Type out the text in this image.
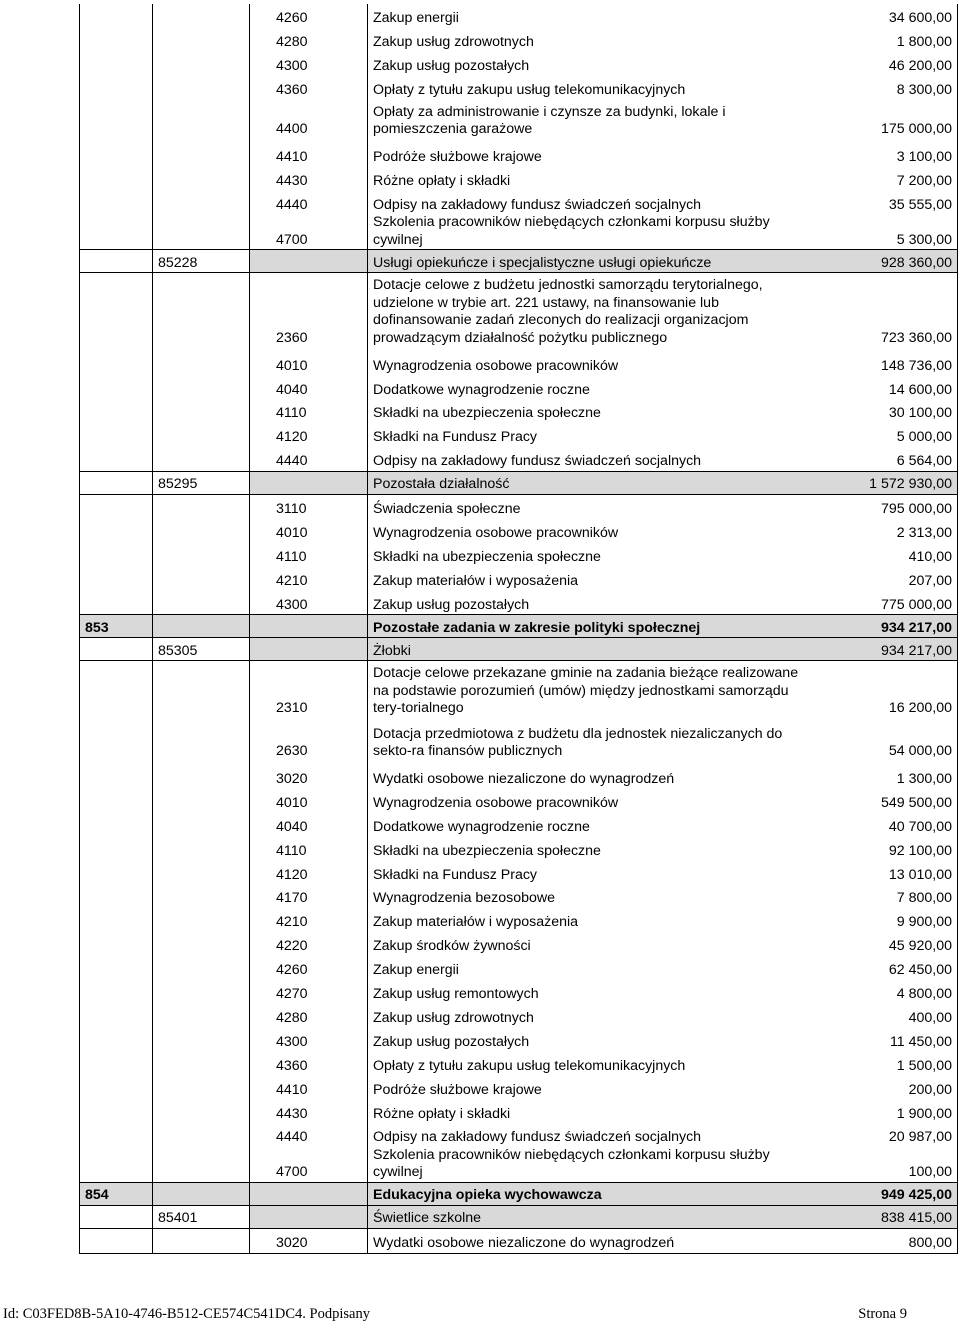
		4260	Zakup energii	34 600,00
		4280	Zakup usług zdrowotnych	1 800,00
		4300	Zakup usług pozostałych	46 200,00
		4360	Opłaty z tytułu zakupu usług telekomunikacyjnych	8 300,00
		4400	Opłaty za administrowanie i czynsze za budynki, lokale i pomieszczenia garażowe	175 000,00
		4410	Podróże służbowe krajowe	3 100,00
		4430	Różne opłaty i składki	7 200,00
		4440	Odpisy na zakładowy fundusz świadczeń socjalnych	35 555,00
		4700	Szkolenia pracowników niebędących członkami korpusu służby cywilnej	5 300,00
	85228		Usługi opiekuńcze i specjalistyczne usługi opiekuńcze	928 360,00
		2360	Dotacje celowe z budżetu jednostki samorządu terytorialnego, udzielone w trybie art. 221 ustawy, na finansowanie lub dofinansowanie zadań zleconych do realizacji organizacjom prowadzącym działalność pożytku publicznego	723 360,00
		4010	Wynagrodzenia osobowe pracowników	148 736,00
		4040	Dodatkowe wynagrodzenie roczne	14 600,00
		4110	Składki na ubezpieczenia społeczne	30 100,00
		4120	Składki na Fundusz Pracy	5 000,00
		4440	Odpisy na zakładowy fundusz świadczeń socjalnych	6 564,00
	85295		Pozostała działalność	1 572 930,00
		3110	Świadczenia społeczne	795 000,00
		4010	Wynagrodzenia osobowe pracowników	2 313,00
		4110	Składki na ubezpieczenia społeczne	410,00
		4210	Zakup materiałów i wyposażenia	207,00
		4300	Zakup usług pozostałych	775 000,00
853			Pozostałe zadania w zakresie polityki społecznej	934 217,00
	85305		Żłobki	934 217,00
		2310	Dotacje celowe przekazane gminie na zadania bieżące realizowane na podstawie porozumień (umów) między jednostkami samorządu tery-torialnego	16 200,00
		2630	Dotacja przedmiotowa z budżetu dla jednostek niezaliczanych do sekto-ra finansów publicznych	54 000,00
		3020	Wydatki osobowe niezaliczone do wynagrodzeń	1 300,00
		4010	Wynagrodzenia osobowe pracowników	549 500,00
		4040	Dodatkowe wynagrodzenie roczne	40 700,00
		4110	Składki na ubezpieczenia społeczne	92 100,00
		4120	Składki na Fundusz Pracy	13 010,00
		4170	Wynagrodzenia bezosobowe	7 800,00
		4210	Zakup materiałów i wyposażenia	9 900,00
		4220	Zakup środków żywności	45 920,00
		4260	Zakup energii	62 450,00
		4270	Zakup usług remontowych	4 800,00
		4280	Zakup usług zdrowotnych	400,00
		4300	Zakup usług pozostałych	11 450,00
		4360	Opłaty z tytułu zakupu usług telekomunikacyjnych	1 500,00
		4410	Podróże służbowe krajowe	200,00
		4430	Różne opłaty i składki	1 900,00
		4440	Odpisy na zakładowy fundusz świadczeń socjalnych	20 987,00
		4700	Szkolenia pracowników niebędących członkami korpusu służby cywilnej	100,00
854			Edukacyjna opieka wychowawcza	949 425,00
	85401		Świetlice szkolne	838 415,00
		3020	Wydatki osobowe niezaliczone do wynagrodzeń	800,00
Id: C03FED8B-5A10-4746-B512-CE574C541DC4. Podpisany	Strona 9
